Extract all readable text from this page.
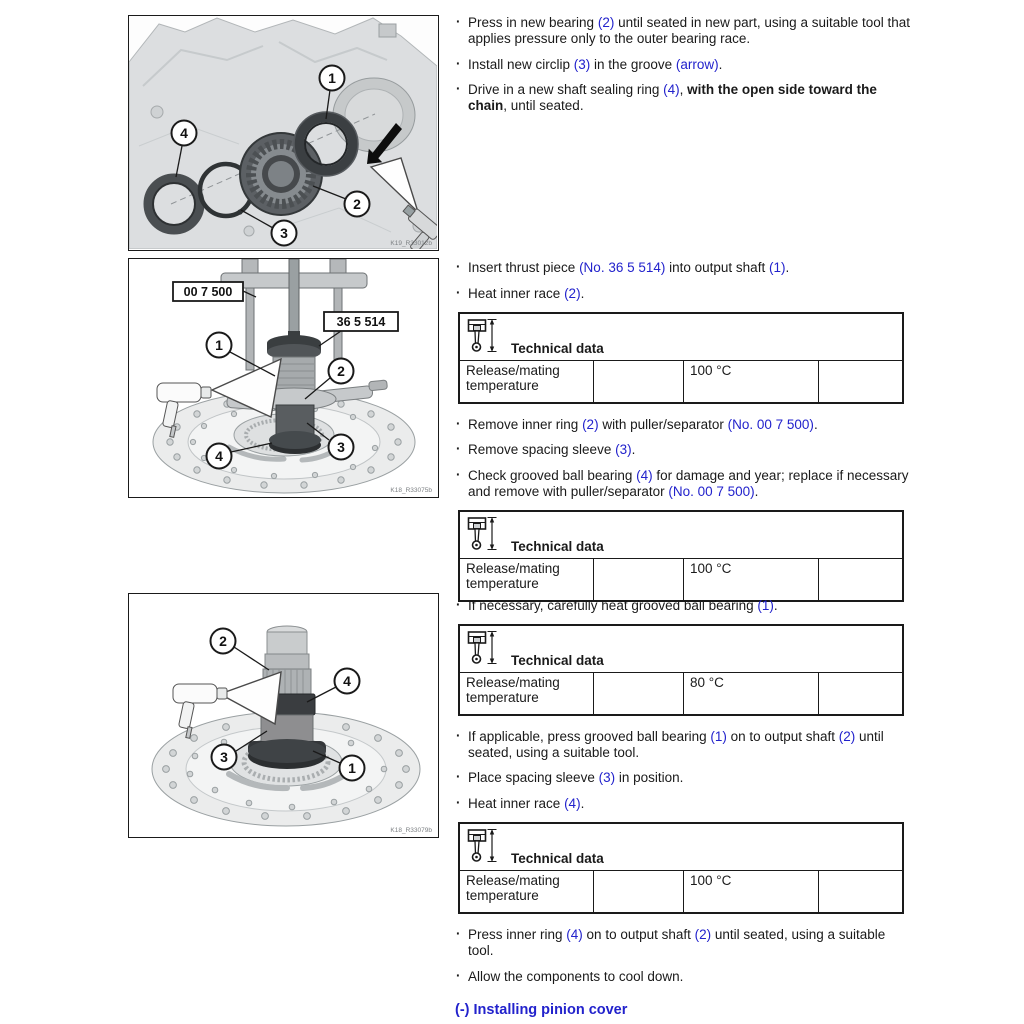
1
2
3
4
K19_R33012b
00 7 500
36 5 514
1
2
3
4
K18_R33075b
2
4
3
1
K18_R33079b
· Press in new bearing (2) until seated in new part, using a suitable tool that applies pressure only to the outer bearing race.
· Install new circlip (3) in the groove (arrow).
· Drive in a new shaft sealing ring (4), with the open side toward the chain, until seated.
· Insert thrust piece (No. 36 5 514) into output shaft (1).
· Heat inner race (2).
Technical data
Release/mating temperature
100 °C
· Remove inner ring (2) with puller/separator (No. 00 7 500).
· Remove spacing sleeve (3).
· Check grooved ball bearing (4) for damage and year; replace if necessary and remove with puller/separator (No. 00 7 500).
Technical data
Release/mating temperature
100 °C
· If necessary, carefully heat grooved ball bearing (1).
Technical data
Release/mating temperature
80 °C
· If applicable, press grooved ball bearing (1) on to output shaft (2) until seated, using a suitable tool.
· Place spacing sleeve (3) in position.
· Heat inner race (4).
Technical data
Release/mating temperature
100 °C
· Press inner ring (4) on to output shaft (2) until seated, using a suitable tool.
· Allow the components to cool down.
(-) Installing pinion cover
